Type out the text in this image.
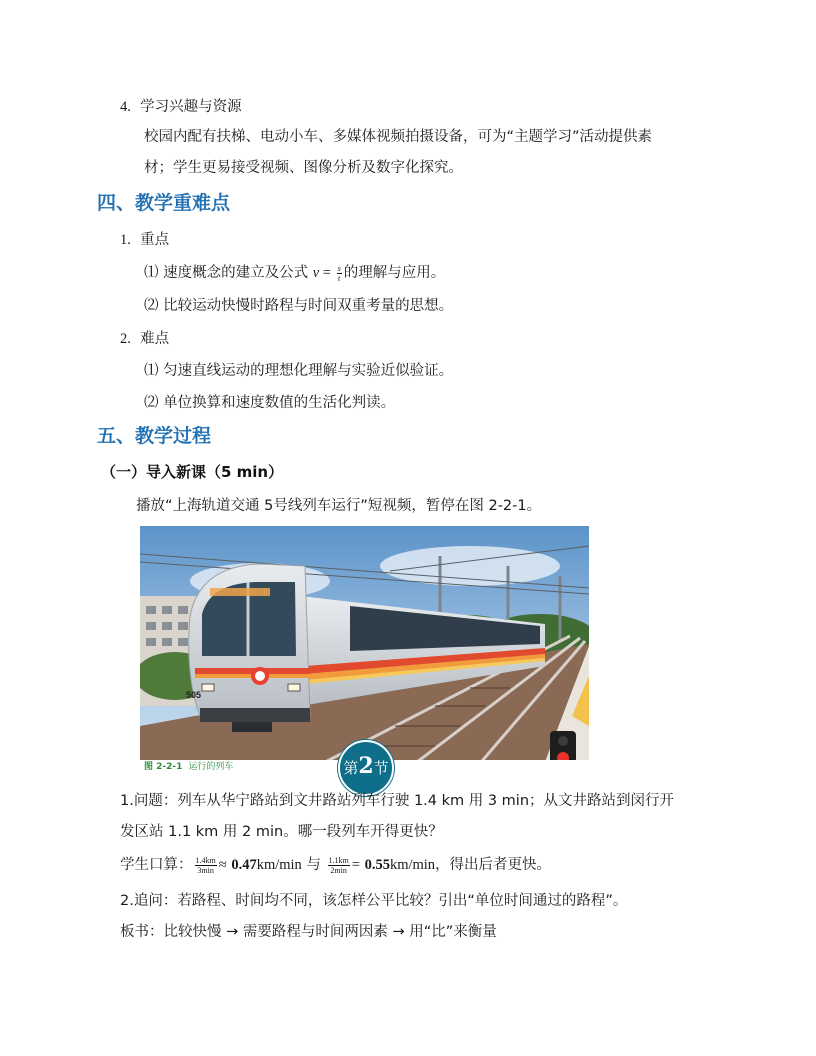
4. 学习兴趣与资源
校园内配有扶梯、电动小车、多媒体视频拍摄设备，可为“主题学习”活动提供素
材；学生更易接受视频、图像分析及数字化探究。
四、教学重难点
1. 重点
⑴ 速度概念的建立及公式 $v = \frac{s}{t}$ 的理解与应用。
⑵ 比较运动快慢时路程与时间双重考量的思想。
2. 难点
⑴ 匀速直线运动的理想化理解与实验近似验证。
⑵ 单位换算和速度数值的生活化判读。
五、教学过程
（一）导入新课（5 min）
播放“上海轨道交通 5号线列车运行”短视频，暂停在图 2-2-1。
505
图 2-2-1 运行的列车	第2节
1.问题：列车从华宁路站到文井路站列车行驶 1.4 km 用 3 min；从文井路站到闵行开
发区站 1.1 km 用 2 min。哪一段列车开得更快？
学生口算： $\frac{1.4km}{3\min} \approx 0.47km/\min$ 与 $\frac{1.1km}{2\min} = 0.55km/\min$，得出后者更快。
2.追问：若路程、时间均不同，该怎样公平比较？引出“单位时间通过的路程”。
板书：比较快慢 → 需要路程与时间两因素 → 用“比”来衡量
